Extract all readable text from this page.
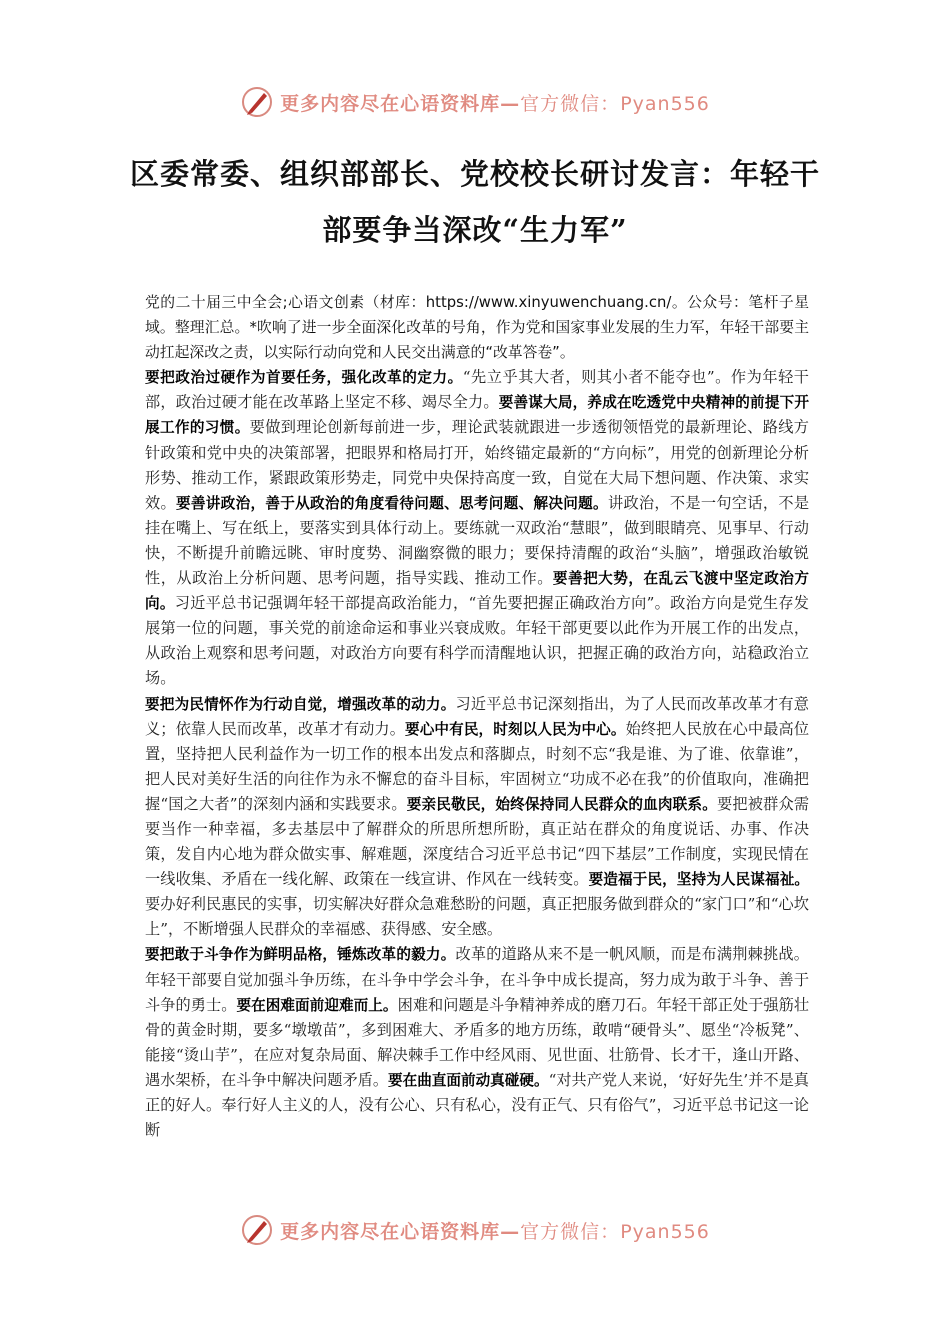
更多内容尽在心语资料库—官方微信：Pyan556
区委常委、组织部部长、党校校长研讨发言：年轻干部要争当深改“生力军”

党的二十届三中全会;心语文创素（材库：https://www.xinyuwenchuang.cn/。公众号：笔杆子星域。整理汇总。*吹响了进一步全面深化改革的号角，作为党和国家事业发展的生力军，年轻干部要主动扛起深改之责，以实际行动向党和人民交出满意的“改革答卷”。

要把政治过硬作为首要任务，强化改革的定力。“先立乎其大者，则其小者不能夺也”。作为年轻干部，政治过硬才能在改革路上坚定不移、竭尽全力。要善谋大局，养成在吃透党中央精神的前提下开展工作的习惯。要做到理论创新每前进一步，理论武装就跟进一步透彻领悟党的最新理论、路线方针政策和党中央的决策部署，把眼界和格局打开，始终锚定最新的“方向标”，用党的创新理论分析形势、推动工作，紧跟政策形势走，同党中央保持高度一致，自觉在大局下想问题、作决策、求实效。要善讲政治，善于从政治的角度看待问题、思考问题、解决问题。讲政治，不是一句空话，不是挂在嘴上、写在纸上，要落实到具体行动上。要练就一双政治“慧眼”，做到眼睛亮、见事早、行动快，不断提升前瞻远眺、审时度势、洞幽察微的眼力；要保持清醒的政治“头脑”，增强政治敏锐性，从政治上分析问题、思考问题，指导实践、推动工作。要善把大势，在乱云飞渡中坚定政治方向。习近平总书记强调年轻干部提高政治能力，“首先要把握正确政治方向”。政治方向是党生存发展第一位的问题，事关党的前途命运和事业兴衰成败。年轻干部更要以此作为开展工作的出发点，从政治上观察和思考问题，对政治方向要有科学而清醒地认识，把握正确的政治方向，站稳政治立场。

要把为民情怀作为行动自觉，增强改革的动力。习近平总书记深刻指出，为了人民而改革改革才有意义；依靠人民而改革，改革才有动力。要心中有民，时刻以人民为中心。始终把人民放在心中最高位置，坚持把人民利益作为一切工作的根本出发点和落脚点，时刻不忘“我是谁、为了谁、依靠谁”，把人民对美好生活的向往作为永不懈怠的奋斗目标，牢固树立“功成不必在我”的价值取向，准确把握“国之大者”的深刻内涵和实践要求。要亲民敬民，始终保持同人民群众的血肉联系。要把被群众需要当作一种幸福，多去基层中了解群众的所思所想所盼，真正站在群众的角度说话、办事、作决策，发自内心地为群众做实事、解难题，深度结合习近平总书记“四下基层”工作制度，实现民情在一线收集、矛盾在一线化解、政策在一线宣讲、作风在一线转变。要造福于民，坚持为人民谋福祉。要办好利民惠民的实事，切实解决好群众急难愁盼的问题，真正把服务做到群众的“家门口”和“心坎上”，不断增强人民群众的幸福感、获得感、安全感。

要把敢于斗争作为鲜明品格，锤炼改革的毅力。改革的道路从来不是一帆风顺，而是布满荆棘挑战。年轻干部要自觉加强斗争历练，在斗争中学会斗争，在斗争中成长提高，努力成为敢于斗争、善于斗争的勇士。要在困难面前迎难而上。困难和问题是斗争精神养成的磨刀石。年轻干部正处于强筋壮骨的黄金时期，要多“墩墩苗”，多到困难大、矛盾多的地方历练，敢啃“硬骨头”、愿坐“冷板凳”、能接“烫山芋”，在应对复杂局面、解决棘手工作中经风雨、见世面、壮筋骨、长才干，逢山开路、遇水架桥，在斗争中解决问题矛盾。要在曲直面前动真碰硬。“对共产党人来说，‘好好先生’并不是真正的好人。奉行好人主义的人，没有公心、只有私心，没有正气、只有俗气”，习近平总书记这一论断

更多内容尽在心语资料库—官方微信：Pyan556
